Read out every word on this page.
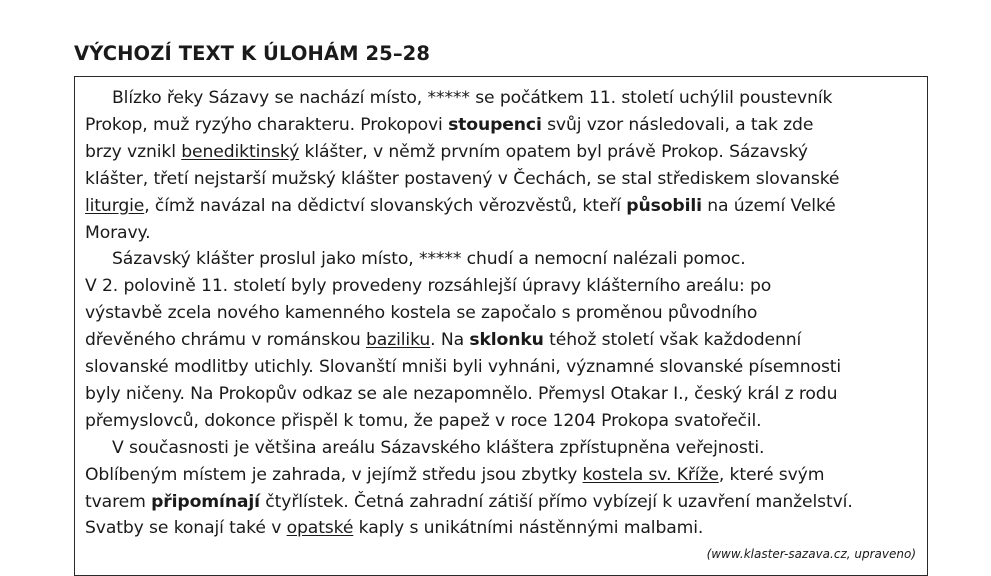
VÝCHOZÍ TEXT K ÚLOHÁM 25–28
Blízko řeky Sázavy se nachází místo, ***** se počátkem 11. století uchýlil poustevník
Prokop, muž ryzýho charakteru. Prokopovi stoupenci svůj vzor následovali, a tak zde
brzy vznikl benediktinský klášter, v němž prvním opatem byl právě Prokop. Sázavský
klášter, třetí nejstarší mužský klášter postavený v Čechách, se stal střediskem slovanské
liturgie, čímž navázal na dědictví slovanských věrozvěstů, kteří působili na území Velké
Moravy.
Sázavský klášter proslul jako místo, ***** chudí a nemocní nalézali pomoc.
V 2. polovině 11. století byly provedeny rozsáhlejší úpravy klášterního areálu: po
výstavbě zcela nového kamenného kostela se započalo s proměnou původního
dřevěného chrámu v románskou baziliku. Na sklonku téhož století však každodenní
slovanské modlitby utichly. Slovanští mniši byli vyhnáni, významné slovanské písemnosti
byly ničeny. Na Prokopův odkaz se ale nezapomnělo. Přemysl Otakar I., český král z rodu
přemyslovců, dokonce přispěl k tomu, že papež v roce 1204 Prokopa svatořečil.
V současnosti je většina areálu Sázavského kláštera zpřístupněna veřejnosti.
Oblíbeným místem je zahrada, v jejímž středu jsou zbytky kostela sv. Kříže, které svým
tvarem připomínají čtyřlístek. Četná zahradní zátiší přímo vybízejí k uzavření manželství.
Svatby se konají také v opatské kaply s unikátními nástěnnými malbami.
(www.klaster-sazava.cz, upraveno)
